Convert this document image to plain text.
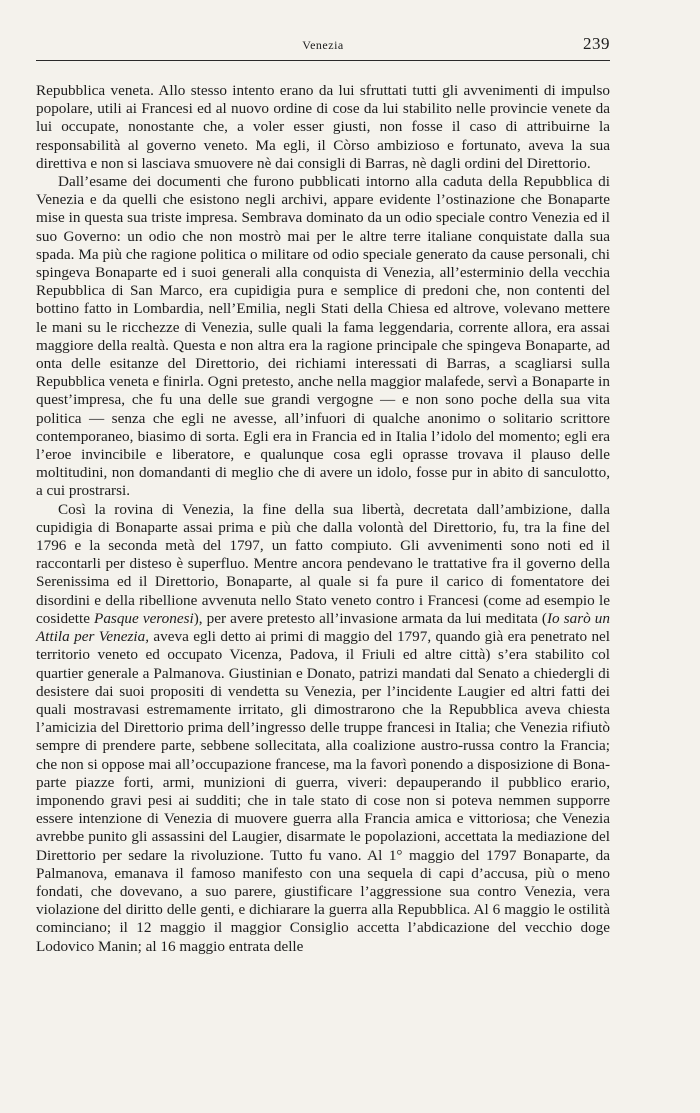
Venezia	239

Repubblica veneta. Allo stesso intento erano da lui sfruttati tutti gli avvenimenti di impulso popolare, utili ai Francesi ed al nuovo ordine di cose da lui stabilito nelle provincie venete da lui occupate, nonostante che, a voler esser giusti, non fosse il caso di attribuirne la responsabilità al governo veneto. Ma egli, il Còrso ambizioso e fortunato, aveva la sua direttiva e non si lasciava smuovere nè dai consigli di Barras, nè dagli ordini del Direttorio.

Dall’esame dei documenti che furono pubblicati intorno alla caduta della Repubblica di Venezia e da quelli che esistono negli archivi, appare evidente l’ostinazione che Bonaparte mise in questa sua triste impresa. Sembrava dominato da un odio speciale contro Venezia ed il suo Governo: un odio che non mostrò mai per le altre terre italiane conquistate dalla sua spada. Ma più che ragione politica o militare od odio speciale generato da cause personali, chi spingeva Bonaparte ed i suoi generali alla conquista di Venezia, all’esterminio della vecchia Repubblica di San Marco, era cupidigia pura e semplice di predoni che, non contenti del bottino fatto in Lombardia, nell’Emilia, negli Stati della Chiesa ed altrove, volevano mettere le mani su le ricchezze di Venezia, sulle quali la fama leggendaria, corrente allora, era assai maggiore della realtà. Questa e non altra era la ragione principale che spingeva Bonaparte, ad onta delle esitanze del Direttorio, dei richiami interessati di Barras, a scagliarsi sulla Repubblica veneta e finirla. Ogni pretesto, anche nella maggior malafede, servì a Bonaparte in quest’impresa, che fu una delle sue grandi vergogne — e non sono poche della sua vita politica — senza che egli ne avesse, all’infuori di qualche anonimo o solitario scrittore contemporaneo, biasimo di sorta. Egli era in Francia ed in Italia l’idolo del momento; egli era l’eroe invincibile e liberatore, e qualunque cosa egli oprasse trovava il plauso delle moltitudini, non domandanti di meglio che di avere un idolo, fosse pur in abito di sanculotto, a cui prostrarsi.

Così la rovina di Venezia, la fine della sua libertà, decretata dall’ambizione, dalla cupidigia di Bonaparte assai prima e più che dalla volontà del Direttorio, fu, tra la fine del 1796 e la seconda metà del 1797, un fatto compiuto. Gli avvenimenti sono noti ed il raccontarli per disteso è superfluo. Mentre ancora pendevano le trattative fra il governo della Serenissima ed il Direttorio, Bonaparte, al quale si fa pure il carico di fomentatore dei disordini e della ribellione avvenuta nello Stato veneto contro i Francesi (come ad esempio le cosidette Pasque veronesi), per avere pretesto all’invasione armata da lui meditata (Io sarò un Attila per Venezia, aveva egli detto ai primi di maggio del 1797, quando già era penetrato nel territorio veneto ed occupato Vicenza, Padova, il Friuli ed altre città) s’era stabilito col quartier generale a Palmanova. Giustinian e Donato, patrizi mandati dal Senato a chiedergli di desistere dai suoi propositi di vendetta su Venezia, per l’incidente Laugier ed altri fatti dei quali mostravasi estremamente irritato, gli dimostrarono che la Repubblica aveva chiesta l’amicizia del Direttorio prima dell’ingresso delle truppe francesi in Italia; che Venezia rifiutò sempre di prendere parte, sebbene sollecitata, alla coalizione austro-russa contro la Francia; che non si oppose mai all’occupazione francese, ma la favorì ponendo a disposizione di Bonaparte piazze forti, armi, munizioni di guerra, viveri: depauperando il pubblico erario, imponendo gravi pesi ai sudditi; che in tale stato di cose non si poteva nemmen supporre essere intenzione di Venezia di muovere guerra alla Francia amica e vittoriosa; che Venezia avrebbe punito gli assassini del Laugier, disarmate le popolazioni, accettata la mediazione del Direttorio per sedare la rivoluzione. Tutto fu vano. Al 1° maggio del 1797 Bonaparte, da Palmanova, emanava il famoso manifesto con una sequela di capi d’accusa, più o meno fondati, che dovevano, a suo parere, giustificare l’aggressione sua contro Venezia, vera violazione del diritto delle genti, e dichiarare la guerra alla Repubblica. Al 6 maggio le ostilità cominciano; il 12 maggio il maggior Consiglio accetta l’abdicazione del vecchio doge Lodovico Manin; al 16 maggio entrata delle
